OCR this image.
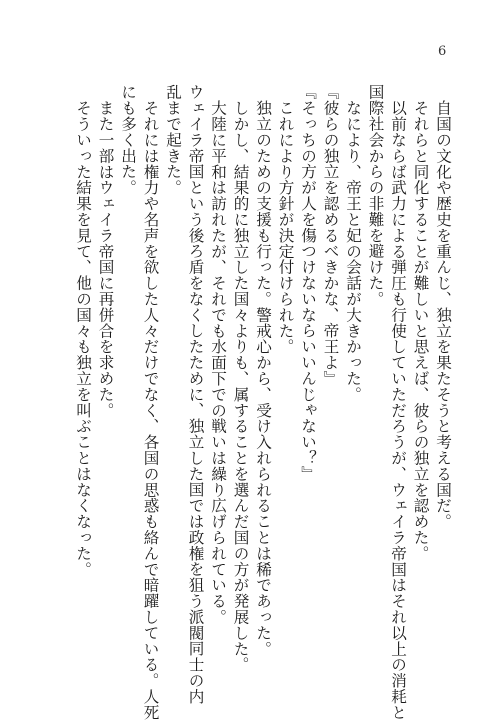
6
自国の文化や歴史を重んじ、独立を果たそうと考える国だ。
それらと同化することが難しいと思えば、彼らの独立を認めた。
以前ならば武力による弾圧も行使していただろうが、ウェイラ帝国はそれ以上の消耗と
国際社会からの非難を避けた。
なにより、帝王と妃の会話が大きかった。
『彼らの独立を認めるべきかな、帝王よ』
『そっちの方が人を傷つけないならいいんじゃない？』
これにより方針が決定付けられた。
独立のための支援も行った。警戒心から、受け入れられることは稀であった。
しかし、結果的に独立した国々よりも、属することを選んだ国の方が発展した。
大陸に平和は訪れたが、それでも水面下での戦いは繰り広げられている。
ウェイラ帝国という後ろ盾をなくしたために、独立した国では政権を狙う派閥同士の内
乱まで起きた。
それには権力や名声を欲した人々だけでなく、各国の思惑も絡んで暗躍している。人死
にも多く出た。
また一部はウェイラ帝国に再併合を求めた。
そういった結果を見て、他の国々も独立を叫ぶことはなくなった。
